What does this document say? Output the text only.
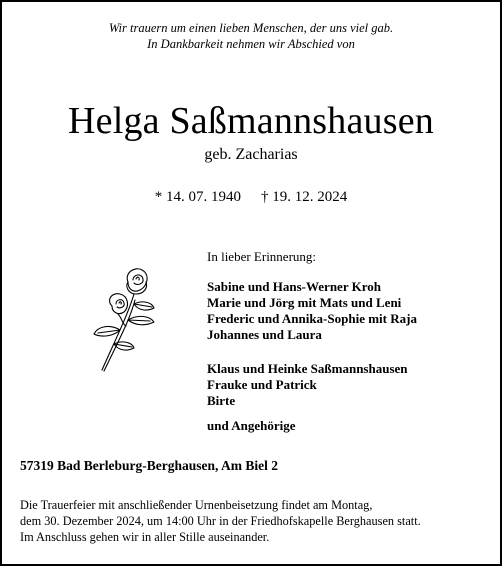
Wir trauern um einen lieben Menschen, der uns viel gab.
In Dankbarkeit nehmen wir Abschied von
Helga Saßmannshausen
geb. Zacharias
* 14. 07. 1940 † 19. 12. 2024
In lieber Erinnerung:
Sabine und Hans-Werner Kroh
Marie und Jörg mit Mats und Leni
Frederic und Annika-Sophie mit Raja
Johannes und Laura
Klaus und Heinke Saßmannshausen
Frauke und Patrick
Birte
und Angehörige
57319 Bad Berleburg-Berghausen, Am Biel 2
Die Trauerfeier mit anschließender Urnenbeisetzung findet am Montag,
dem 30. Dezember 2024, um 14:00 Uhr in der Friedhofskapelle Berghausen statt.
Im Anschluss gehen wir in aller Stille auseinander.
